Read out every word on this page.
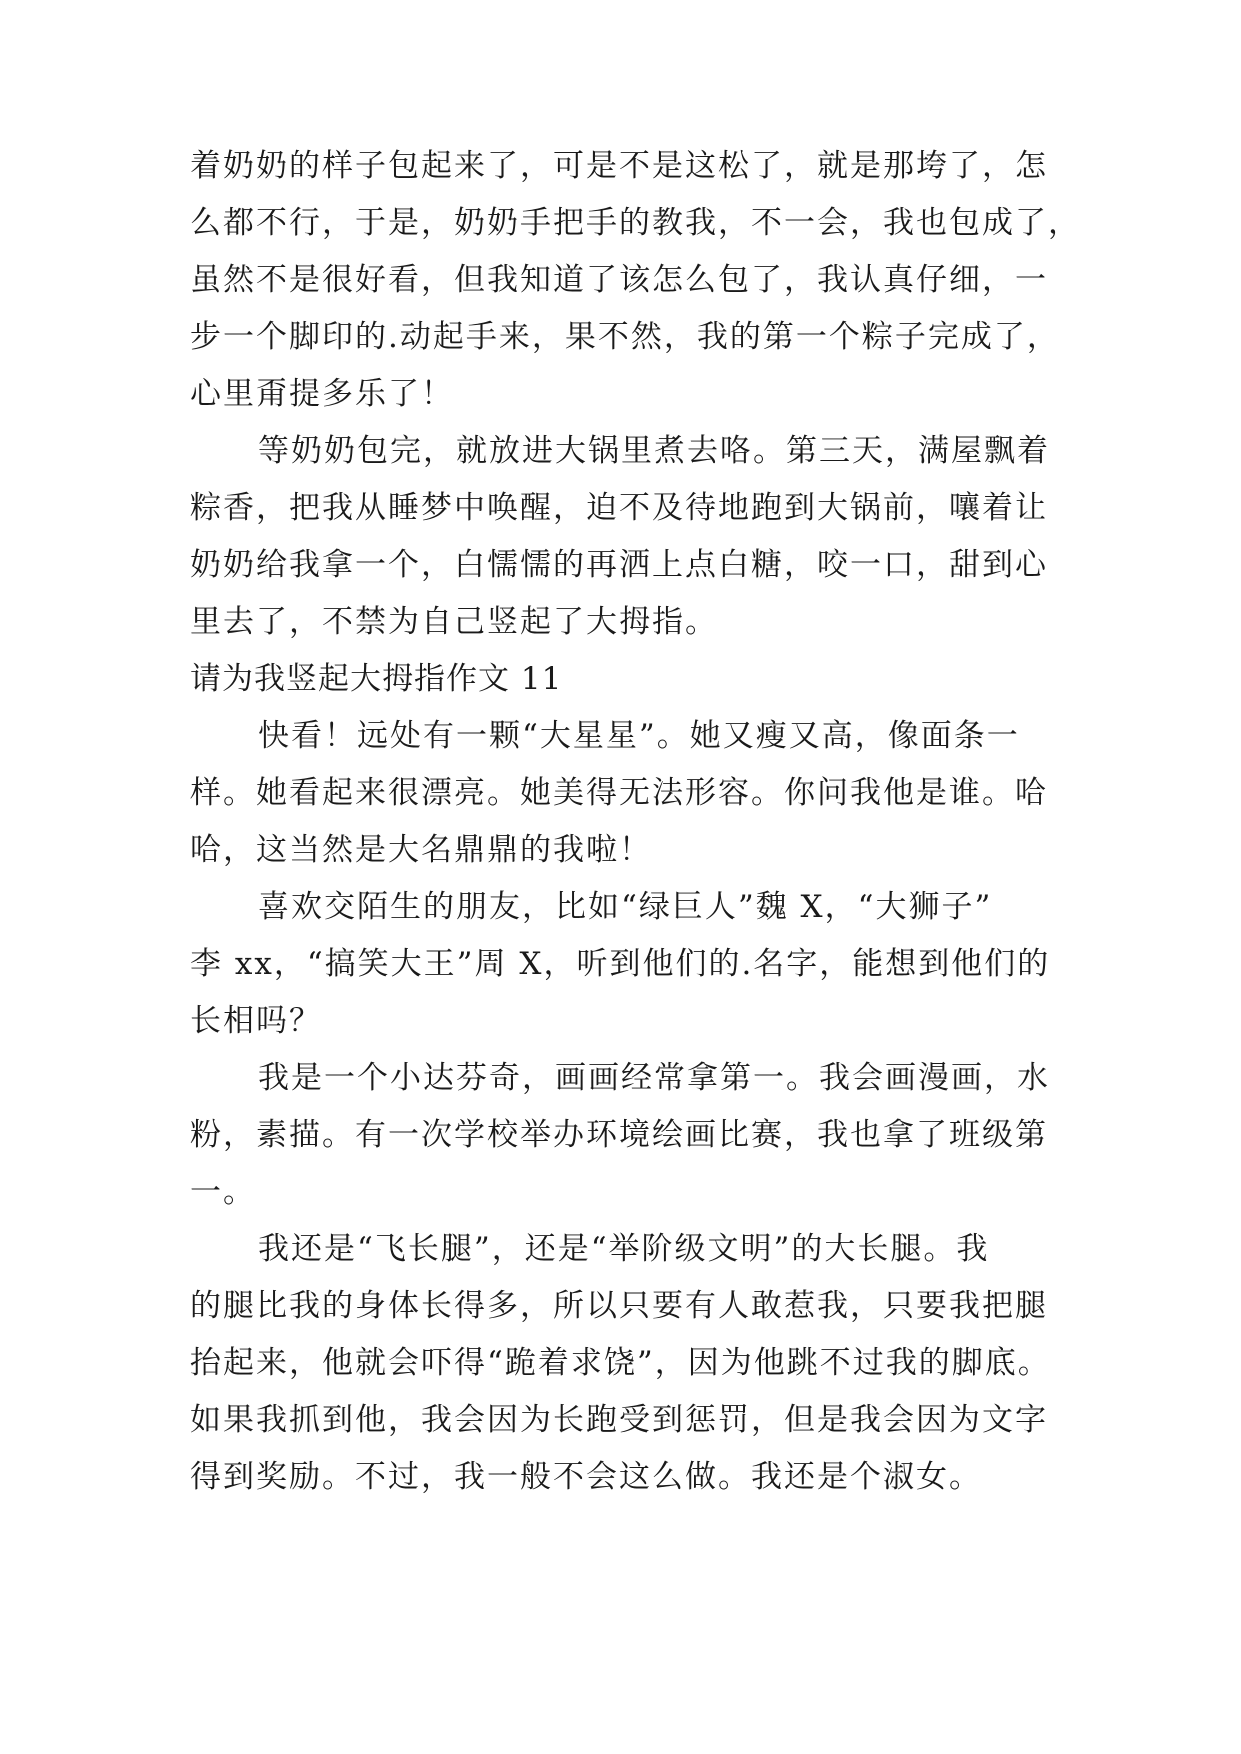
着奶奶的样子包起来了，可是不是这松了，就是那垮了，怎
么都不行，于是，奶奶手把手的教我，不一会，我也包成了，
虽然不是很好看，但我知道了该怎么包了，我认真仔细，一
步一个脚印的.动起手来，果不然，我的第一个粽子完成了，
心里甭提多乐了！
等奶奶包完，就放进大锅里煮去咯。第三天，满屋飘着
粽香，把我从睡梦中唤醒，迫不及待地跑到大锅前，嚷着让
奶奶给我拿一个，白懦懦的再洒上点白糖，咬一口，甜到心
里去了，不禁为自己竖起了大拇指。
请为我竖起大拇指作文 11
快看！远处有一颗“大星星”。她又瘦又高，像面条一
样。她看起来很漂亮。她美得无法形容。你问我他是谁。哈
哈，这当然是大名鼎鼎的我啦！
喜欢交陌生的朋友，比如“绿巨人”魏 X，“大狮子”
李 xx，“搞笑大王”周 X，听到他们的.名字，能想到他们的
长相吗？
我是一个小达芬奇，画画经常拿第一。我会画漫画，水
粉，素描。有一次学校举办环境绘画比赛，我也拿了班级第
一。
我还是“飞长腿”，还是“举阶级文明”的大长腿。我
的腿比我的身体长得多，所以只要有人敢惹我，只要我把腿
抬起来，他就会吓得“跪着求饶”，因为他跳不过我的脚底。
如果我抓到他，我会因为长跑受到惩罚，但是我会因为文字
得到奖励。不过，我一般不会这么做。我还是个淑女。
